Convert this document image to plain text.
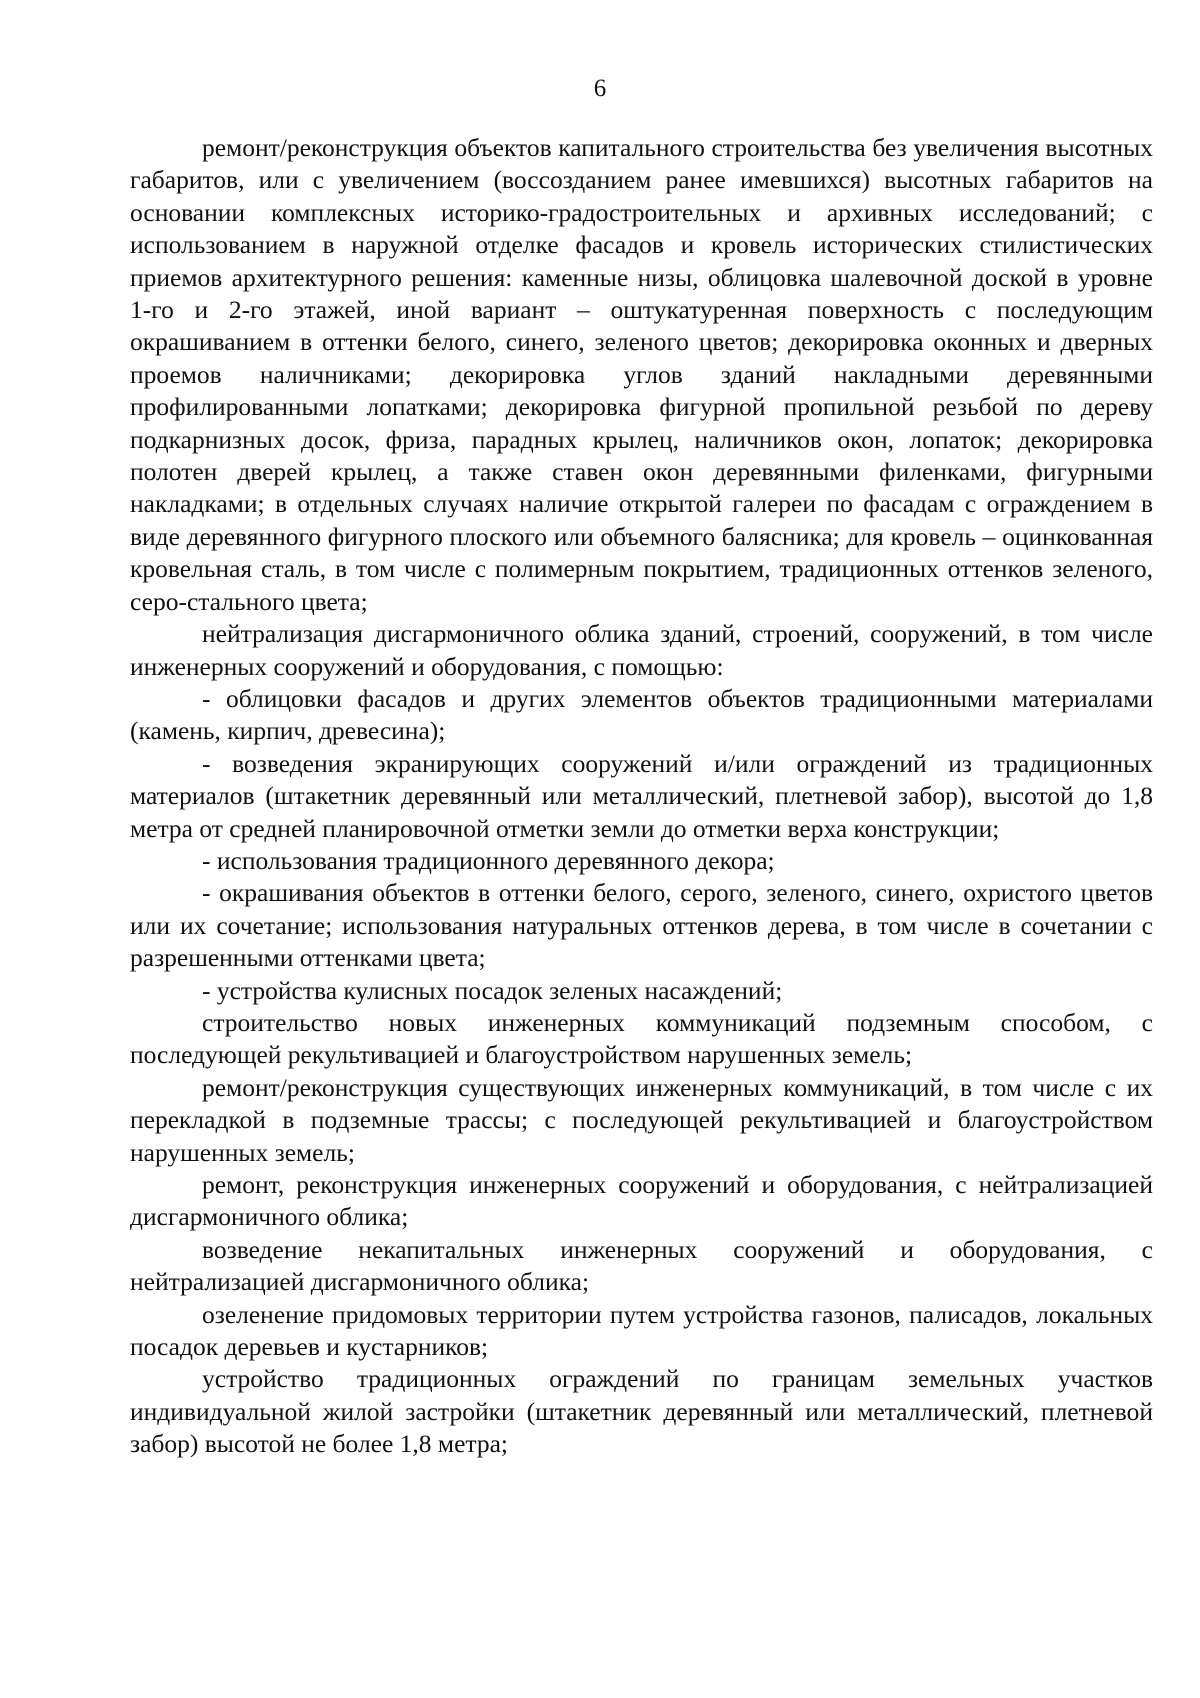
6

ремонт/реконструкция объектов капитального строительства без увеличения высотных габаритов, или с увеличением (воссозданием ранее имевшихся) высотных габаритов на основании комплексных историко-градостроительных и архивных исследований; с использованием в наружной отделке фасадов и кровель исторических стилистических приемов архитектурного решения: каменные низы, облицовка шалевочной доской в уровне 1-го и 2-го этажей, иной вариант – оштукатуренная поверхность с последующим окрашиванием в оттенки белого, синего, зеленого цветов; декорировка оконных и дверных проемов наличниками; декорировка углов зданий накладными деревянными профилированными лопатками; декорировка фигурной пропильной резьбой по дереву подкарнизных досок, фриза, парадных крылец, наличников окон, лопаток; декорировка полотен дверей крылец, а также ставен окон деревянными филенками, фигурными накладками; в отдельных случаях наличие открытой галереи по фасадам с ограждением в виде деревянного фигурного плоского или объемного балясника; для кровель – оцинкованная кровельная сталь, в том числе с полимерным покрытием, традиционных оттенков зеленого, серо-стального цвета;

нейтрализация дисгармоничного облика зданий, строений, сооружений, в том числе инженерных сооружений и оборудования, с помощью:

- облицовки фасадов и других элементов объектов традиционными материалами (камень, кирпич, древесина);

- возведения экранирующих сооружений и/или ограждений из традиционных материалов (штакетник деревянный или металлический, плетневой забор), высотой до 1,8 метра от средней планировочной отметки земли до отметки верха конструкции;

- использования традиционного деревянного декора;

- окрашивания объектов в оттенки белого, серого, зеленого, синего, охристого цветов или их сочетание; использования натуральных оттенков дерева, в том числе в сочетании с разрешенными оттенками цвета;

- устройства кулисных посадок зеленых насаждений;

строительство новых инженерных коммуникаций подземным способом, с последующей рекультивацией и благоустройством нарушенных земель;

ремонт/реконструкция существующих инженерных коммуникаций, в том числе с их перекладкой в подземные трассы; с последующей рекультивацией и благоустройством нарушенных земель;

ремонт, реконструкция инженерных сооружений и оборудования, с нейтрализацией дисгармоничного облика;

возведение некапитальных инженерных сооружений и оборудования, с нейтрализацией дисгармоничного облика;

озеленение придомовых территории путем устройства газонов, палисадов, локальных посадок деревьев и кустарников;

устройство традиционных ограждений по границам земельных участков индивидуальной жилой застройки (штакетник деревянный или металлический, плетневой забор) высотой не более 1,8 метра;
